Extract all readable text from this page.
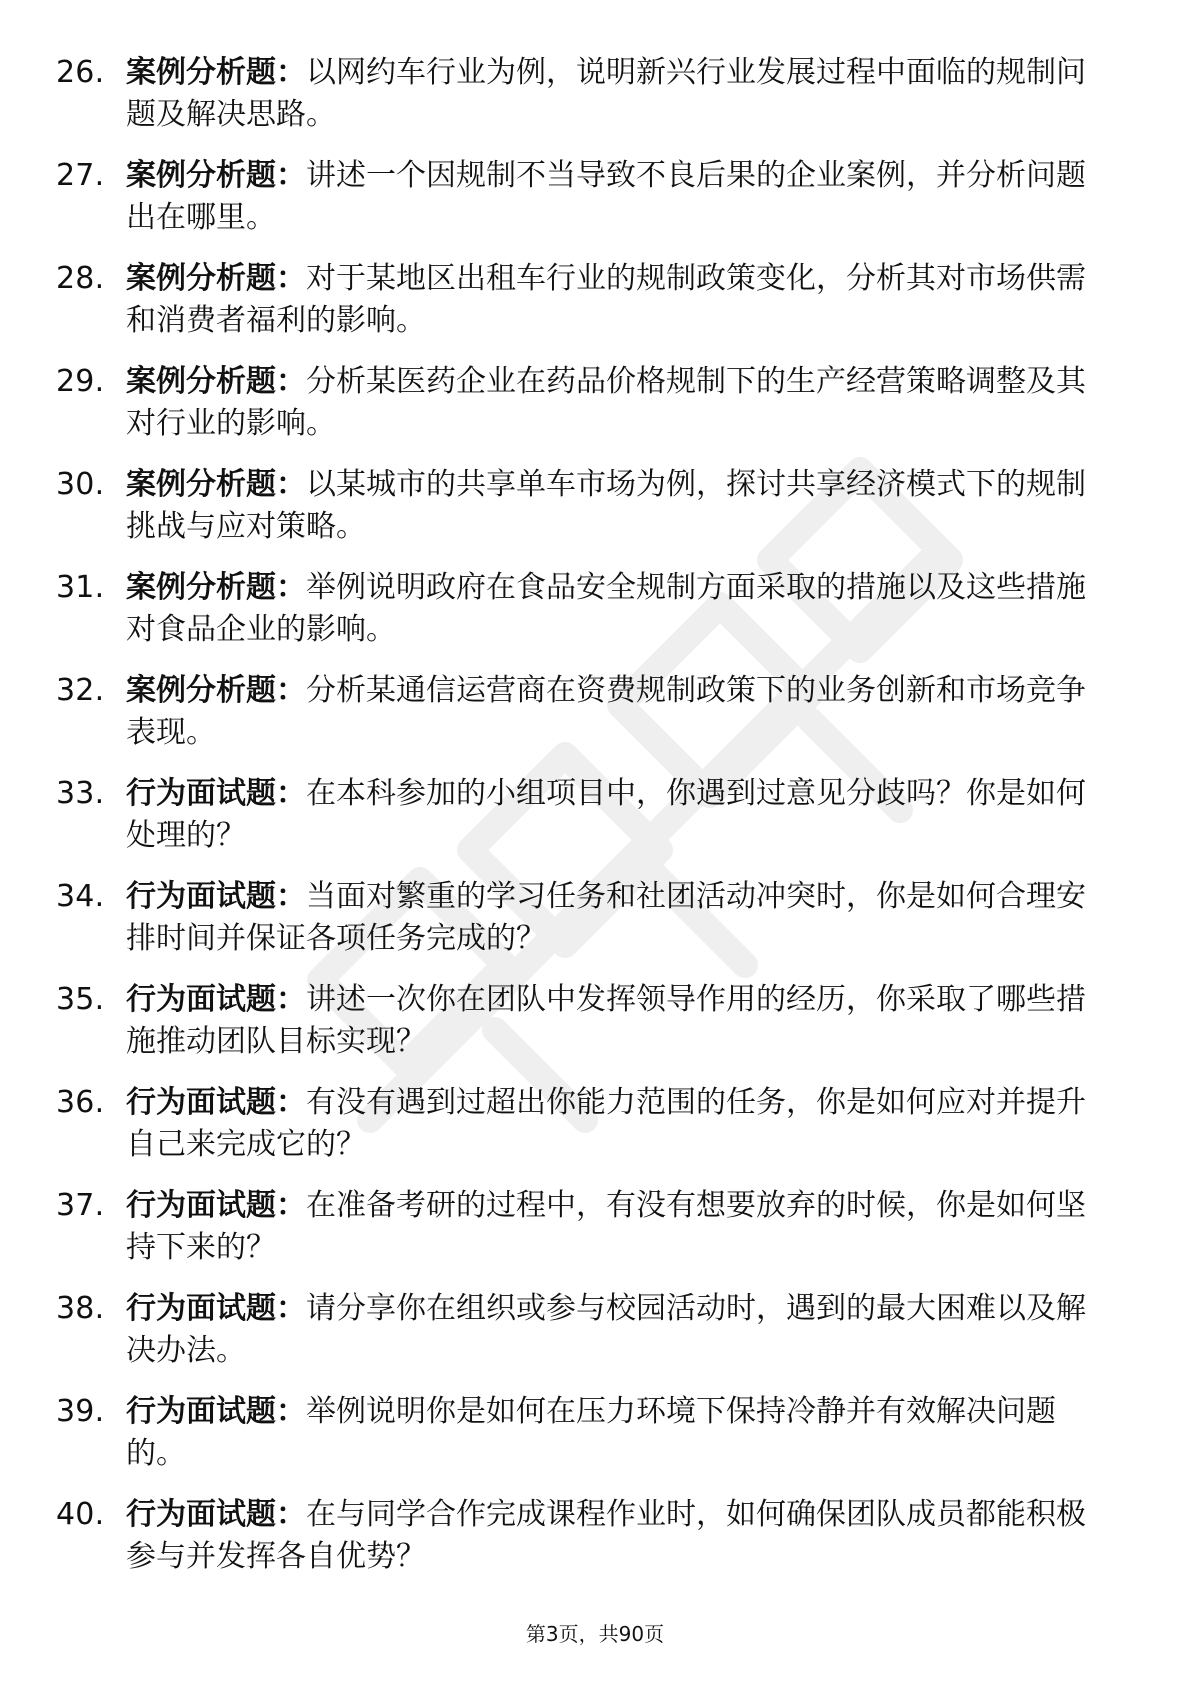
26. 案例分析题：以网约车行业为例，说明新兴行业发展过程中面临的规制问题及解决思路。
27. 案例分析题：讲述一个因规制不当导致不良后果的企业案例，并分析问题出在哪里。
28. 案例分析题：对于某地区出租车行业的规制政策变化，分析其对市场供需和消费者福利的影响。
29. 案例分析题：分析某医药企业在药品价格规制下的生产经营策略调整及其对行业的影响。
30. 案例分析题：以某城市的共享单车市场为例，探讨共享经济模式下的规制挑战与应对策略。
31. 案例分析题：举例说明政府在食品安全规制方面采取的措施以及这些措施对食品企业的影响。
32. 案例分析题：分析某通信运营商在资费规制政策下的业务创新和市场竞争表现。
33. 行为面试题：在本科参加的小组项目中，你遇到过意见分歧吗？你是如何处理的？
34. 行为面试题：当面对繁重的学习任务和社团活动冲突时，你是如何合理安排时间并保证各项任务完成的？
35. 行为面试题：讲述一次你在团队中发挥领导作用的经历，你采取了哪些措施推动团队目标实现？
36. 行为面试题：有没有遇到过超出你能力范围的任务，你是如何应对并提升自己来完成它的？
37. 行为面试题：在准备考研的过程中，有没有想要放弃的时候，你是如何坚持下来的？
38. 行为面试题：请分享你在组织或参与校园活动时，遇到的最大困难以及解决办法。
39. 行为面试题：举例说明你是如何在压力环境下保持冷静并有效解决问题的。
40. 行为面试题：在与同学合作完成课程作业时，如何确保团队成员都能积极参与并发挥各自优势？
第3页，共90页
